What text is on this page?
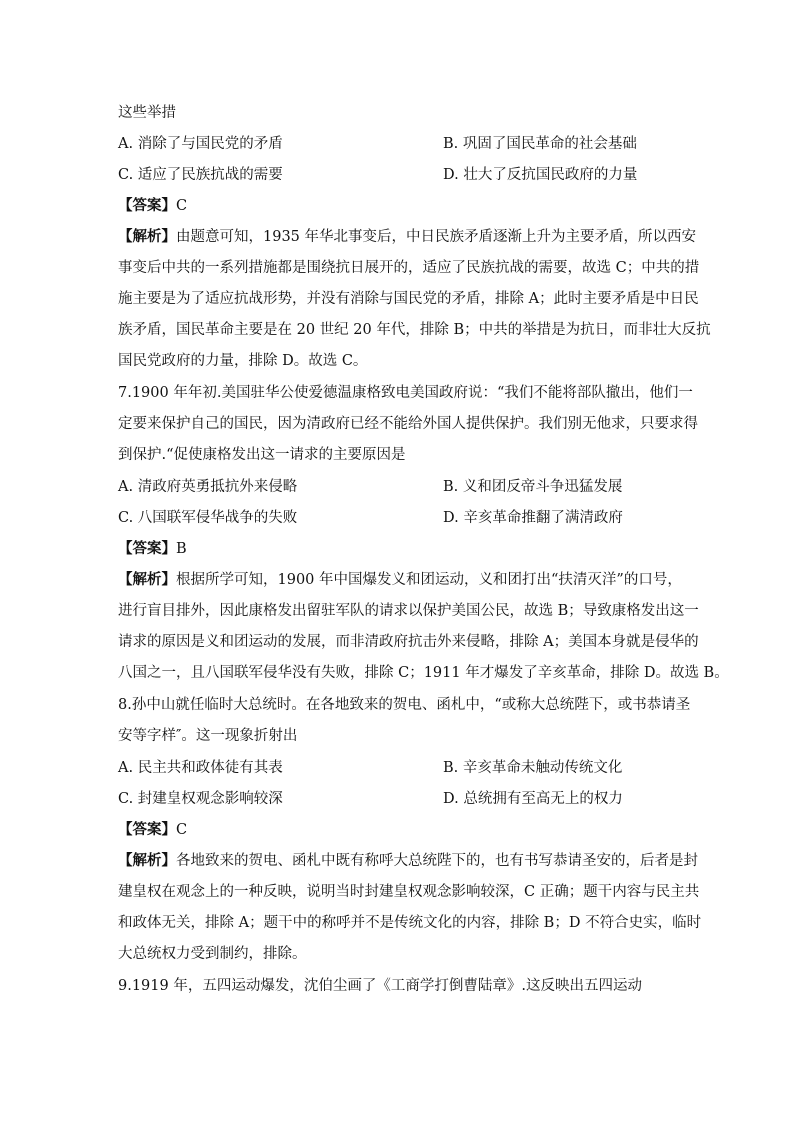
这些举措
A. 消除了与国民党的矛盾	B. 巩固了国民革命的社会基础
C. 适应了民族抗战的需要	D. 壮大了反抗国民政府的力量
【答案】C
【解析】由题意可知，1935 年华北事变后，中日民族矛盾逐渐上升为主要矛盾，所以西安
事变后中共的一系列措施都是围绕抗日展开的，适应了民族抗战的需要，故选 C；中共的措
施主要是为了适应抗战形势，并没有消除与国民党的矛盾，排除 A；此时主要矛盾是中日民
族矛盾，国民革命主要是在 20 世纪 20 年代，排除 B；中共的举措是为抗日，而非壮大反抗
国民党政府的力量，排除 D。故选 C。
7.1900 年年初.美国驻华公使爱德温康格致电美国政府说：“我们不能将部队撤出，他们一
定要来保护自己的国民，因为清政府已经不能给外国人提供保护。我们别无他求，只要求得
到保护.“促使康格发出这一请求的主要原因是
A. 清政府英勇抵抗外来侵略	B. 义和团反帝斗争迅猛发展
C. 八国联军侵华战争的失败	D. 辛亥革命推翻了满清政府
【答案】B
【解析】根据所学可知，1900 年中国爆发义和团运动，义和团打出“扶清灭洋”的口号，
进行盲目排外，因此康格发出留驻军队的请求以保护美国公民，故选 B；导致康格发出这一
请求的原因是义和团运动的发展，而非清政府抗击外来侵略，排除 A；美国本身就是侵华的
八国之一，且八国联军侵华没有失败，排除 C；1911 年才爆发了辛亥革命，排除 D。故选 B。
8.孙中山就任临时大总统时。在各地致来的贺电、函札中，“或称大总统陛下，或书恭请圣
安等字样″。这一现象折射出
A. 民主共和政体徒有其表	B. 辛亥革命未触动传统文化
C. 封建皇权观念影响较深	D. 总统拥有至高无上的权力
【答案】C
【解析】各地致来的贺电、函札中既有称呼大总统陛下的，也有书写恭请圣安的，后者是封
建皇权在观念上的一种反映，说明当时封建皇权观念影响较深，C 正确；题干内容与民主共
和政体无关，排除 A；题干中的称呼并不是传统文化的内容，排除 B；D 不符合史实，临时
大总统权力受到制约，排除。
9.1919 年，五四运动爆发，沈伯尘画了《工商学打倒曹陆章》.这反映出五四运动
